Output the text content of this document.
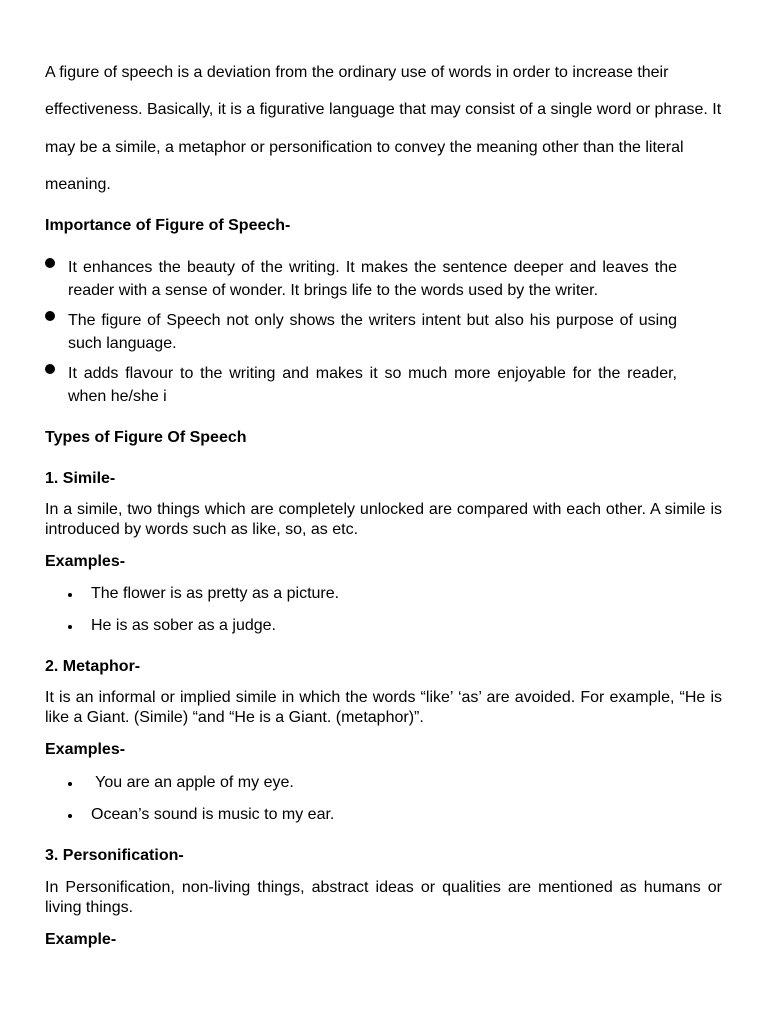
A figure of speech is a deviation from the ordinary use of words in order to increase their effectiveness. Basically, it is a figurative language that may consist of a single word or phrase. It may be a simile, a metaphor or personification to convey the meaning other than the literal meaning.

Importance of Figure of Speech-

It enhances the beauty of the writing. It makes the sentence deeper and leaves the reader with a sense of wonder. It brings life to the words used by the writer.
The figure of Speech not only shows the writers intent but also his purpose of using such language.
It adds flavour to the writing and makes it so much more enjoyable for the reader, when he/she i

Types of Figure Of Speech

1. Simile-

In a simile, two things which are completely unlocked are compared with each other. A simile is introduced by words such as like, so, as etc.

Examples-

2. Metaphor-

It is an informal or implied simile in which the words “like’ ‘as’ are avoided. For example, “He is like a Giant. (Simile) “and “He is a Giant. (metaphor)”.

Examples-

3. Personification-

In Personification, non-living things, abstract ideas or qualities are mentioned as humans or living things.

Example-

The flower is as pretty as a picture.
He is as sober as a judge.
You are an apple of my eye.
Ocean’s sound is music to my ear.
